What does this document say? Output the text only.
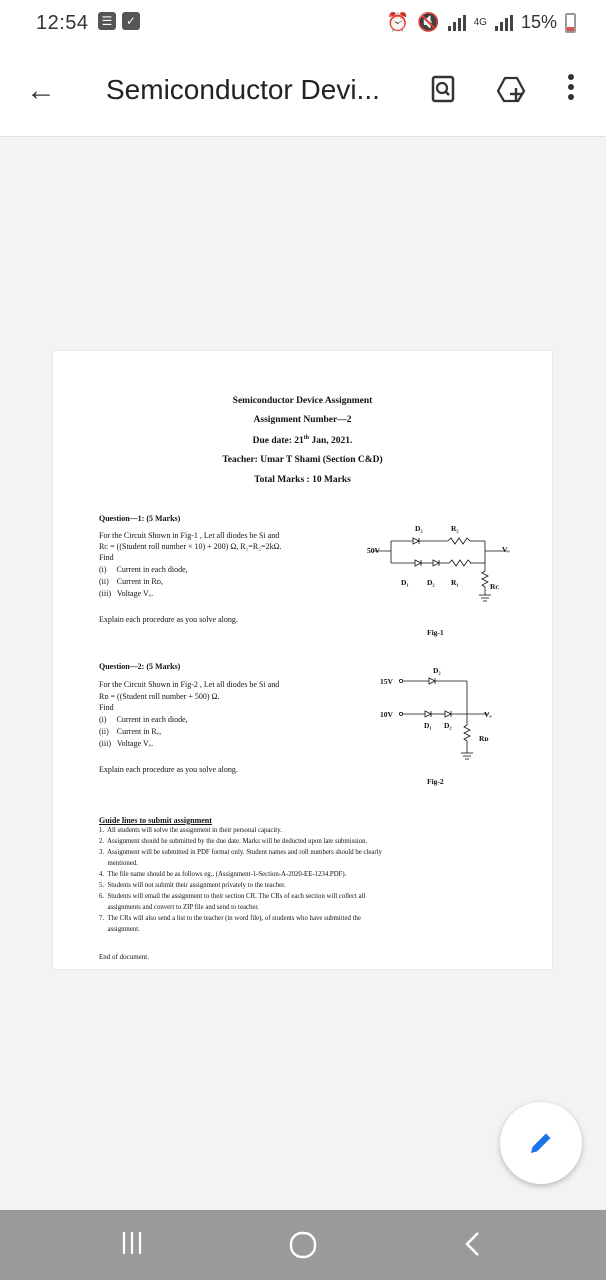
12:54	☰	✓	⏰ 🔇	4G 15%
← Semiconductor Devi...
Semiconductor Device Assignment
Assignment Number—2
Due date: 21th Jan, 2021.
Teacher: Umar T Shami (Section C&D)
Total Marks : 10 Marks
Question—1: (5 Marks)
For the Circuit Shown in Fig-1 , Let all diodes be Si and
Rᴄ = ((Student roll number × 10) + 200) Ω, R₁=R₂=2kΩ.
Find
(i)     Current in each diode,
(ii)    Current in Rᴅ,
(iii)   Voltage Vₒ.
Explain each procedure as you solve along.
D₂	R₂
50V	Vₒ
D₁ D₂ R₁	Rᴄ
Fig-1
Question—2: (5 Marks)
For the Circuit Shown in Fig-2 , Let all diodes be Si and
Rᴅ = ((Student roll number + 500) Ω.
Find
(i)     Current in each diode,
(ii)    Current in Rₒ,
(iii)   Voltage Vₒ.
Explain each procedure as you solve along.
D₂
15V
10V	Vₒ
D₁ D₂
Rᴅ
Fig-2
Guide lines to submit assignment
1.  All students will solve the assignment in their personal capacity.
2.  Assignment should be submitted by the due date. Marks will be deducted upon late submission.
3.  Assignment will be submitted in PDF format only. Student names and roll numbers should be clearly
mentioned.
4.  The file name should be as follows eg., (Assignment-1-Section-A-2020-EE-1234.PDF).
5.  Students will not submit their assignment privately to the teacher.
6.  Students will email the assignment to their section CR. The CRs of each section will collect all
assignments and convert to ZIP file and send to teacher.
7.  The CRs will also send a list to the teacher (in word file), of students who have submitted the
assignment.
End of document.
